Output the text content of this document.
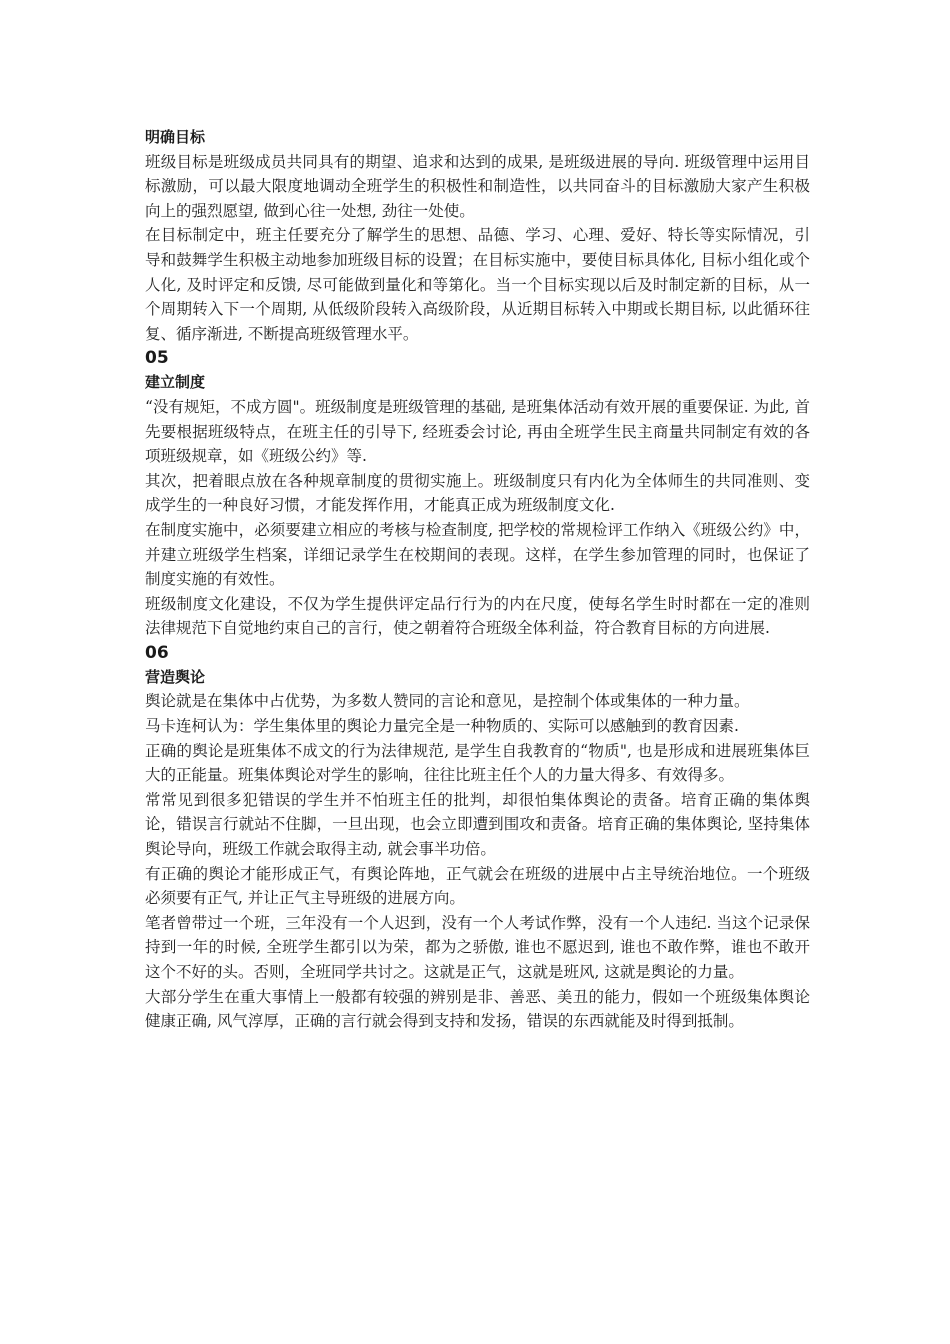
明确目标

班级目标是班级成员共同具有的期望、追求和达到的成果, 是班级进展的导向. 班级管理中运用目标激励，可以最大限度地调动全班学生的积极性和制造性，以共同奋斗的目标激励大家产生积极向上的强烈愿望, 做到心往一处想, 劲往一处使。

在目标制定中，班主任要充分了解学生的思想、品德、学习、心理、爱好、特长等实际情况，引导和鼓舞学生积极主动地参加班级目标的设置；在目标实施中，要使目标具体化, 目标小组化或个人化, 及时评定和反馈, 尽可能做到量化和等第化。当一个目标实现以后及时制定新的目标，从一个周期转入下一个周期, 从低级阶段转入高级阶段，从近期目标转入中期或长期目标, 以此循环往复、循序渐进, 不断提高班级管理水平。

05
建立制度

“没有规矩，不成方圆"。班级制度是班级管理的基础, 是班集体活动有效开展的重要保证. 为此, 首先要根据班级特点，在班主任的引导下, 经班委会讨论, 再由全班学生民主商量共同制定有效的各项班级规章，如《班级公约》等.

其次，把着眼点放在各种规章制度的贯彻实施上。班级制度只有内化为全体师生的共同准则、变成学生的一种良好习惯，才能发挥作用，才能真正成为班级制度文化.

在制度实施中，必须要建立相应的考核与检查制度, 把学校的常规检评工作纳入《班级公约》中，并建立班级学生档案，详细记录学生在校期间的表现。这样，在学生参加管理的同时，也保证了制度实施的有效性。

班级制度文化建设，不仅为学生提供评定品行行为的内在尺度，使每名学生时时都在一定的准则法律规范下自觉地约束自己的言行，使之朝着符合班级全体利益，符合教育目标的方向进展.

06
营造舆论

舆论就是在集体中占优势，为多数人赞同的言论和意见，是控制个体或集体的一种力量。

马卡连柯认为：学生集体里的舆论力量完全是一种物质的、实际可以感触到的教育因素.

正确的舆论是班集体不成文的行为法律规范, 是学生自我教育的“物质", 也是形成和进展班集体巨大的正能量。班集体舆论对学生的影响，往往比班主任个人的力量大得多、有效得多。

常常见到很多犯错误的学生并不怕班主任的批判，却很怕集体舆论的责备。培育正确的集体舆论，错误言行就站不住脚，一旦出现，也会立即遭到围攻和责备。培育正确的集体舆论, 坚持集体舆论导向，班级工作就会取得主动, 就会事半功倍。

有正确的舆论才能形成正气，有舆论阵地，正气就会在班级的进展中占主导统治地位。一个班级必须要有正气, 并让正气主导班级的进展方向。

笔者曾带过一个班，三年没有一个人迟到，没有一个人考试作弊，没有一个人违纪. 当这个记录保持到一年的时候, 全班学生都引以为荣，都为之骄傲, 谁也不愿迟到, 谁也不敢作弊，谁也不敢开这个不好的头。否则，全班同学共讨之。这就是正气，这就是班风, 这就是舆论的力量。

大部分学生在重大事情上一般都有较强的辨别是非、善恶、美丑的能力，假如一个班级集体舆论健康正确, 风气淳厚，正确的言行就会得到支持和发扬，错误的东西就能及时得到抵制。
